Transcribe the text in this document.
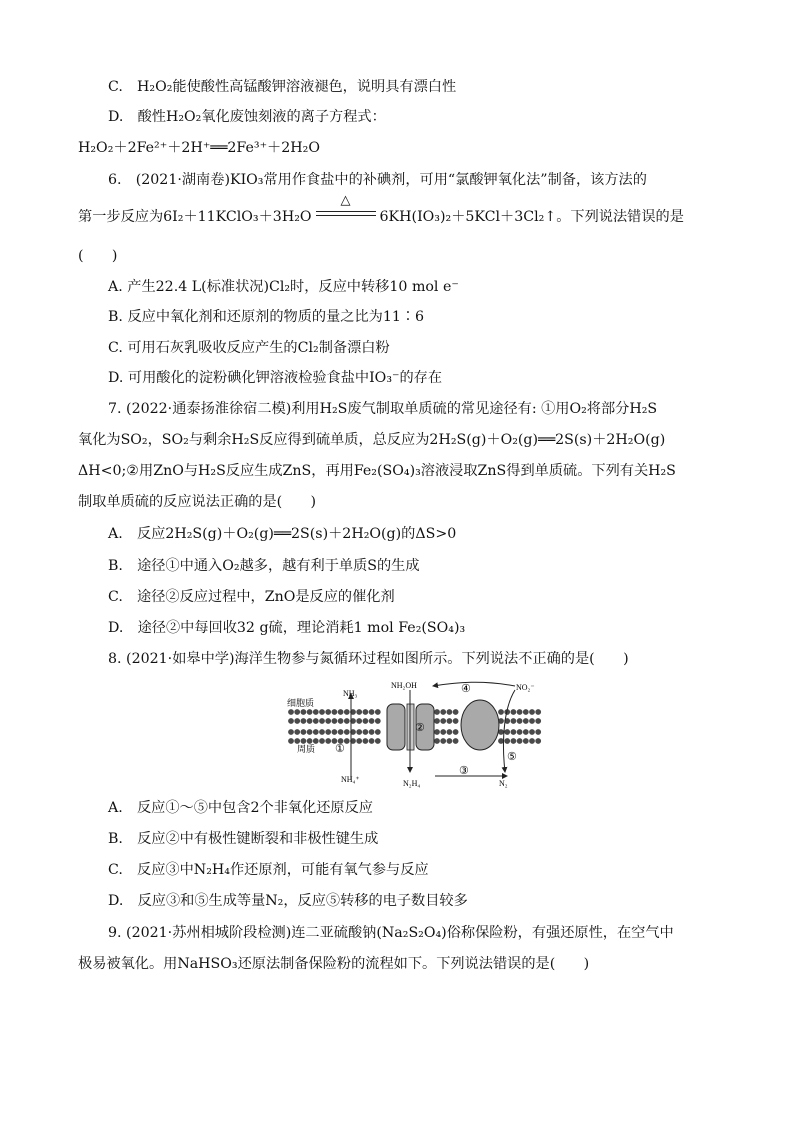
C.　H₂O₂能使酸性高锰酸钾溶液褪色，说明具有漂白性
D.　酸性H₂O₂氧化废蚀刻液的离子方程式：
H₂O₂＋2Fe²⁺＋2H⁺══2Fe³⁺＋2H₂O
6.　(2021·湖南卷)KIO₃常用作食盐中的补碘剂，可用“氯酸钾氧化法”制备，该方法的
第一步反应为6I₂＋11KClO₃＋3H₂O
△
6KH(IO₃)₂＋5KCl＋3Cl₂↑。下列说法错误的是
(　　)
A. 产生22.4 L(标准状况)Cl₂时，反应中转移10 mol e⁻
B. 反应中氧化剂和还原剂的物质的量之比为11∶6
C. 可用石灰乳吸收反应产生的Cl₂制备漂白粉
D. 可用酸化的淀粉碘化钾溶液检验食盐中IO₃⁻的存在
7. (2022·通泰扬淮徐宿二模)利用H₂S废气制取单质硫的常见途径有: ①用O₂将部分H₂S
氧化为SO₂，SO₂与剩余H₂S反应得到硫单质，总反应为2H₂S(g)＋O₂(g)══2S(s)＋2H₂O(g)
ΔH<0;②用ZnO与H₂S反应生成ZnS，再用Fe₂(SO₄)₃溶液浸取ZnS得到单质硫。下列有关H₂S
制取单质硫的反应说法正确的是(　　)
A.　反应2H₂S(g)＋O₂(g)══2S(s)＋2H₂O(g)的ΔS>0
B.　途径①中通入O₂越多，越有利于单质S的生成
C.　途径②反应过程中，ZnO是反应的催化剂
D.　途径②中每回收32 g硫，理论消耗1 mol Fe₂(SO₄)₃
8. (2021·如皋中学)海洋生物参与氮循环过程如图所示。下列说法不正确的是(　　)
细胞质
周质
NH₃
NH₂OH	NO₂⁻
NH₄⁺	N₂H₄	N₂
①
②
③
④
⑤
A.　反应①～⑤中包含2个非氧化还原反应
B.　反应②中有极性键断裂和非极性键生成
C.　反应③中N₂H₄作还原剂，可能有氧气参与反应
D.　反应③和⑤生成等量N₂，反应⑤转移的电子数目较多
9. (2021·苏州相城阶段检测)连二亚硫酸钠(Na₂S₂O₄)俗称保险粉，有强还原性，在空气中
极易被氧化。用NaHSO₃还原法制备保险粉的流程如下。下列说法错误的是(　　)
